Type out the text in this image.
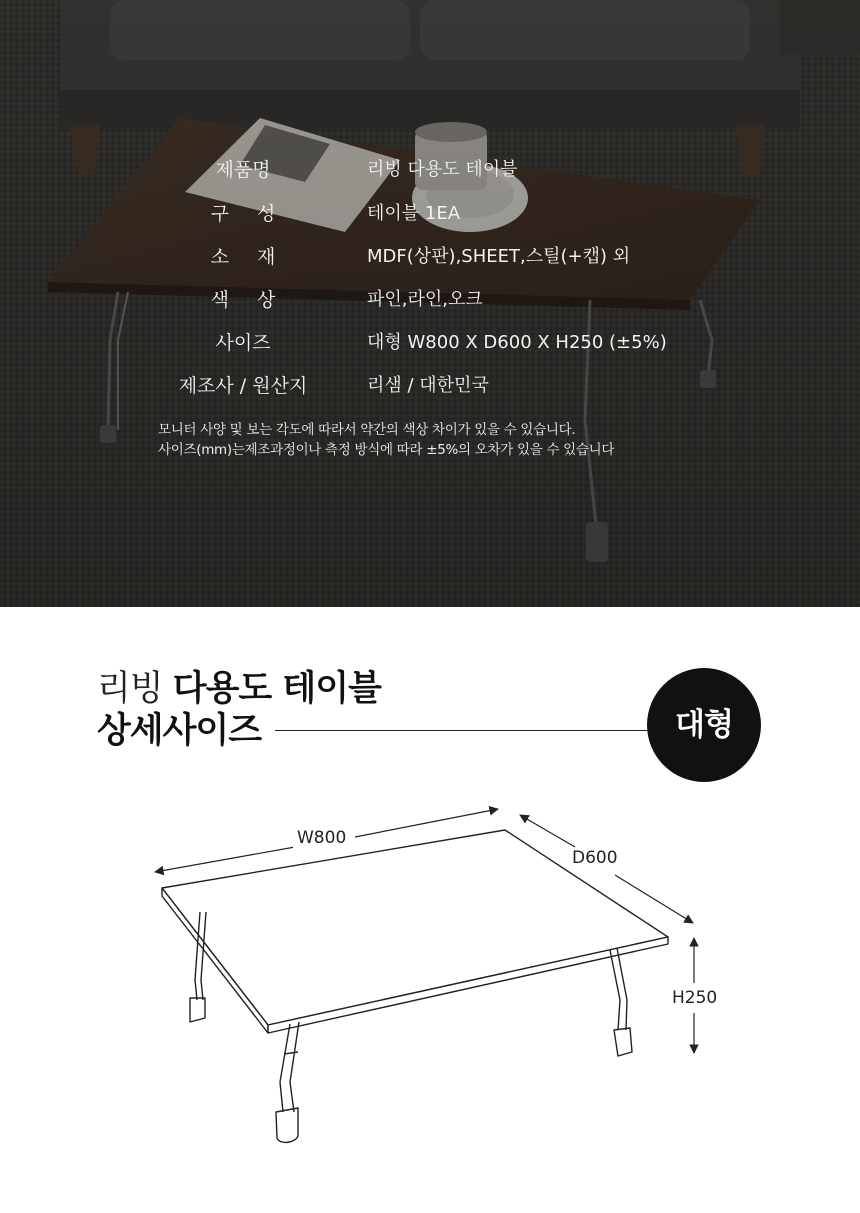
제품명	리빙 다용도 테이블
구 성	테이블 1EA
소 재	MDF(상판),SHEET,스틸(+캡) 외
색 상	파인,라인,오크
사이즈	대형 W800 X D600 X H250 (±5%)
제조사 / 원산지	리샘 / 대한민국
모니터 사양 및 보는 각도에 따라서 약간의 색상 차이가 있을 수 있습니다.
사이즈(mm)는제조과정이나 측정 방식에 따라 ±5%의 오차가 있을 수 있습니다
리빙 다용도 테이블
상세사이즈	대형
W800
D600
H250
